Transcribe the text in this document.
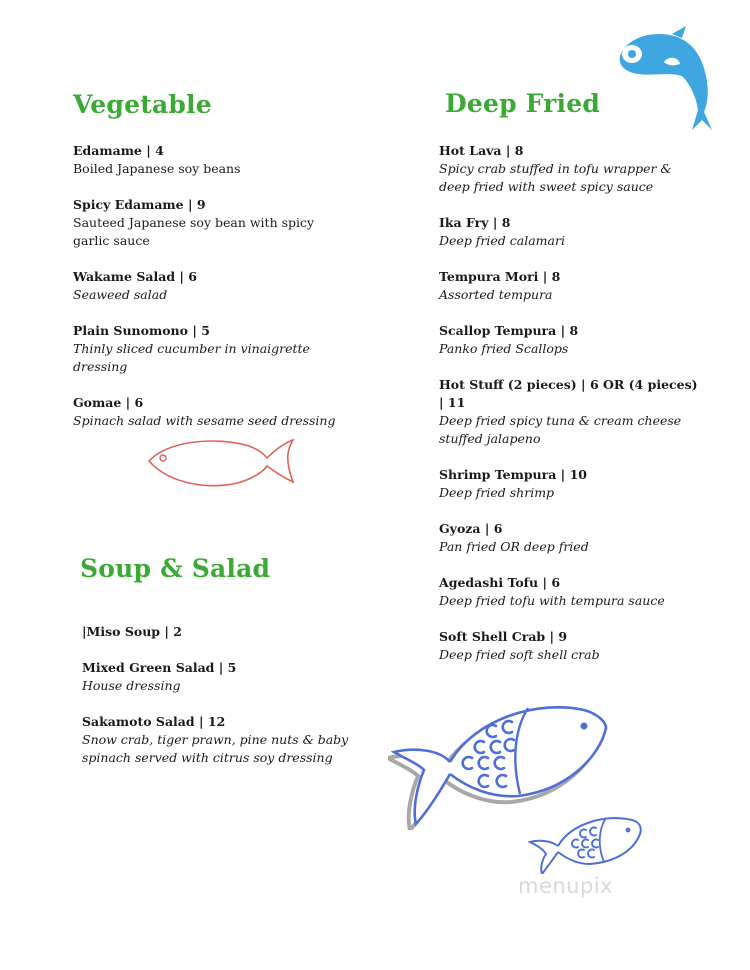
Vegetable	Deep Fried
Soup & Salad
Edamame | 4
Boiled Japanese soy beans
Spicy Edamame | 9
Sauteed Japanese soy bean with spicy garlic sauce
Wakame Salad | 6
Seaweed salad
Plain Sunomono | 5
Thinly sliced cucumber in vinaigrette dressing
Gomae | 6
Spinach salad with sesame seed dressing
|Miso Soup | 2
Mixed Green Salad | 5
House dressing
Sakamoto Salad | 12
Snow crab, tiger prawn, pine nuts & baby spinach served with citrus soy dressing
Hot Lava | 8
Spicy crab stuffed in tofu wrapper & deep fried with sweet spicy sauce
Ika Fry | 8
Deep fried calamari
Tempura Mori | 8
Assorted tempura
Scallop Tempura | 8
Panko fried Scallops
Hot Stuff (2 pieces) | 6 OR (4 pieces) | 11
Deep fried spicy tuna & cream cheese stuffed jalapeno
Shrimp Tempura | 10
Deep fried shrimp
Gyoza | 6
Pan fried OR deep fried
Agedashi Tofu | 6
Deep fried tofu with tempura sauce
Soft Shell Crab | 9
Deep fried soft shell crab
menupix
